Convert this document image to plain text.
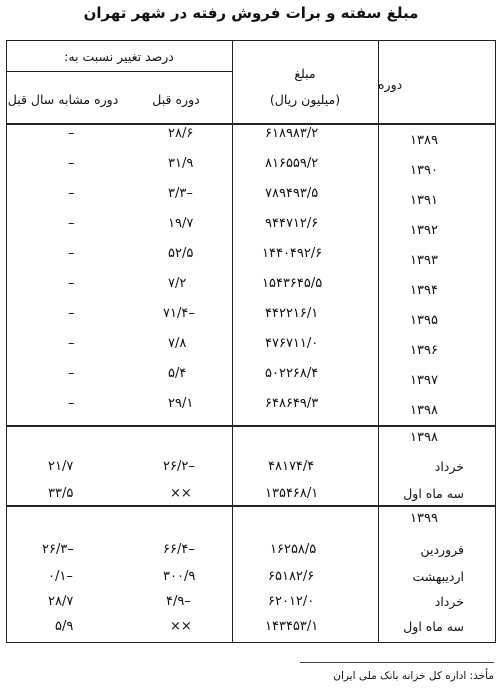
مبلغ سفته و برات فروش رفته در شهر تهران
درصد تغییر نسبت به:
دوره قبل
دوره مشابه سال قبل
مبلغ
(میلیون ریال)
دوره
۱۳۸۹
۶۱۸۹۸۳/۲
۲۸/۶
–
۱۳۹۰
۸۱۶۵۵۹/۲
۳۱/۹
–
۱۳۹۱
۷۸۹۴۹۳/۵
–۳/۳
–
۱۳۹۲
۹۴۴۷۱۲/۶
۱۹/۷
–
۱۳۹۳
۱۴۴۰۴۹۲/۶
۵۲/۵
–
۱۳۹۴
۱۵۴۳۶۴۵/۵
۷/۲
–
۱۳۹۵
۴۴۲۲۱۶/۱
–۷۱/۴
–
۱۳۹۶
۴۷۶۷۱۱/۰
۷/۸
–
۱۳۹۷
۵۰۲۲۶۸/۴
۵/۴
–
۱۳۹۸
۶۴۸۶۴۹/۳
۲۹/۱
–
۱۳۹۸
خرداد
۴۸۱۷۴/۴
–۲۶/۲
۲۱/۷
سه ماه اول
۱۳۵۴۶۸/۱
××
۳۳/۵
۱۳۹۹
فروردین
۱۶۲۵۸/۵
–۶۶/۴
–۲۶/۳
اردیبهشت
۶۵۱۸۲/۶
۳۰۰/۹
–۰/۱
خرداد
۶۲۰۱۲/۰
–۴/۹
۲۸/۷
سه ماه اول
۱۴۳۴۵۳/۱
××
۵/۹
مأخذ: اداره کل خزانه بانک ملی ایران
